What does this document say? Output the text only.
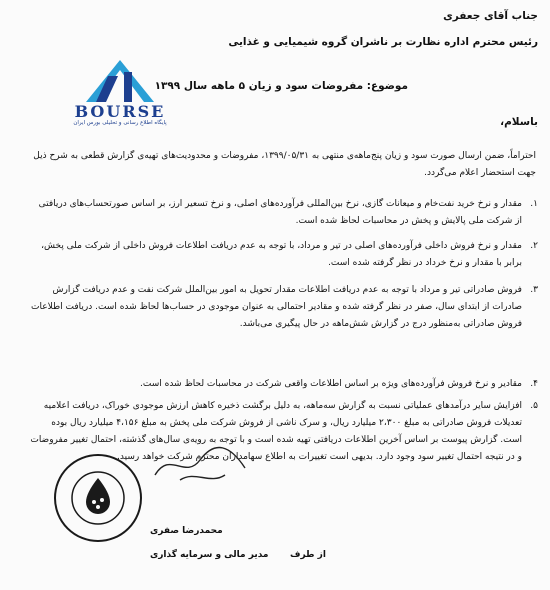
جناب آقای جعفری
رئیس محترم اداره نظارت بر ناشران گروه شیمیایی و غذایی
BOURSE
پایگاه اطلاع رسانی و تحلیلی بورس ایران
موضوع: مفروضات سود و زیان ۵ ماهه سال ۱۳۹۹
باسلام،
احتراماً، ضمن ارسال صورت سود و زیان پنج‌ماهه‌ی منتهی به ۱۳۹۹/۰۵/۳۱، مفروضات و محدودیت‌های تهیه‌ی گزارش قطعی به شرح ذیل جهت استحضار اعلام می‌گردد.
۱.
مقدار و نرخ خرید نفت‌خام و میعانات گازی، نرخ بین‌المللی فرآورده‌های اصلی، و نرخ تسعیر ارز، بر اساس صورتحساب‌های دریافتی از شرکت ملی پالایش و پخش در محاسبات لحاظ شده است.
۲.
مقدار و نرخ فروش داخلی فرآورده‌های اصلی در تیر و مرداد، با توجه به عدم دریافت اطلاعات فروش داخلی از شرکت ملی پخش، برابر با مقدار و نرخ خرداد در نظر گرفته شده است.
۳.
فروش صادراتی تیر و مرداد با توجه به عدم دریافت اطلاعات مقدار تحویل به امور بین‌الملل شرکت نفت و عدم دریافت گزارش صادرات از ابتدای سال، صفر در نظر گرفته شده و مقادیر احتمالی به عنوان موجودی در حساب‌ها لحاظ شده است. دریافت اطلاعات فروش صادراتی به‌منظور درج در گزارش شش‌ماهه در حال پیگیری می‌باشد.
۴.
مقادیر و نرخ فروش فرآورده‌های ویژه بر اساس اطلاعات واقعی شرکت در محاسبات لحاظ شده است.
۵.
افزایش سایر درآمدهای عملیاتی نسبت به گزارش سه‌ماهه، به دلیل برگشت ذخیره کاهش ارزش موجودی خوراک، دریافت اعلامیه تعدیلات فروش صادراتی به مبلغ ۲،۳۰۰ میلیارد ریال، و سرک ناشی از فروش شرکت ملی پخش به مبلغ ۴،۱۵۶ میلیارد ریال بوده است. گزارش پیوست بر اساس آخرین اطلاعات دریافتی تهیه شده است و با توجه به رویه‌ی سال‌های گذشته، احتمال تغییر مفروضات و در نتیجه احتمال تغییر سود وجود دارد. بدیهی است تغییرات به اطلاع سهامداران محترم شرکت خواهد رسید.
محمدرضا صفری
مدیر مالی و سرمایه گذاری از طرف
